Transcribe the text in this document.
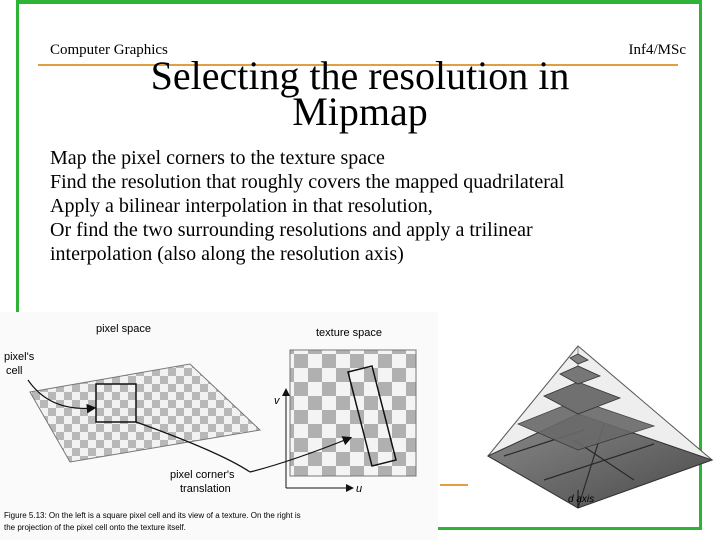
Computer Graphics	Inf4/MSc
Selecting the resolution in
Mipmap
Map the pixel corners to the texture space
Find the resolution that roughly covers the mapped quadrilateral
Apply a bilinear interpolation in that resolution,
Or find the two surrounding resolutions and apply a trilinear
interpolation (also along the resolution axis)
pixel space	texture space
pixel's
cell
v
u
pixel corner's
translation
Figure 5.13: On the left is a square pixel cell and its view of a texture. On the right is
the projection of the pixel cell onto the texture itself.
d axis
